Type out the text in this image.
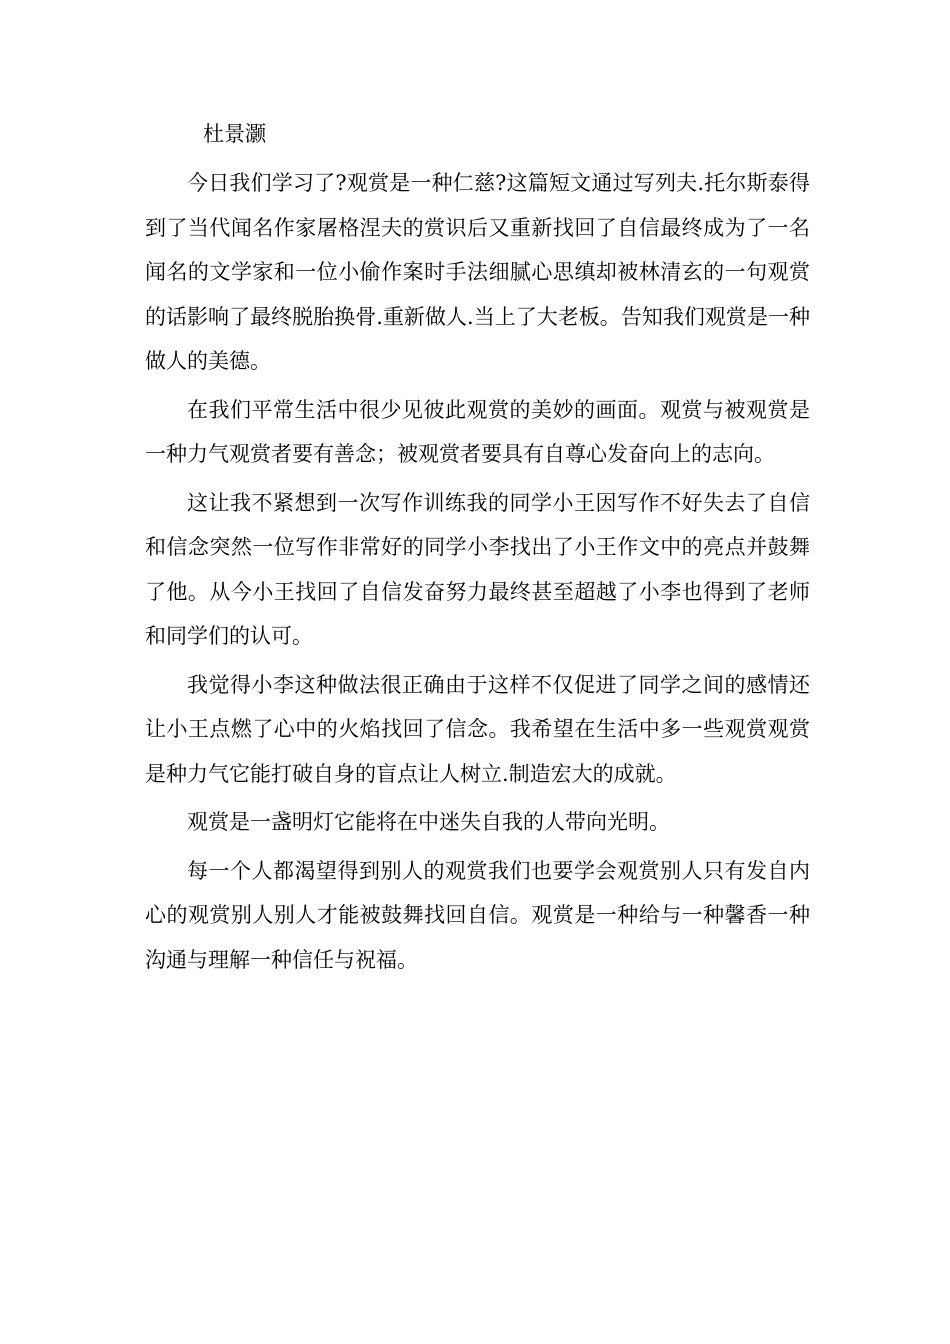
杜景灏

今日我们学习了?观赏是一种仁慈?这篇短文通过写列夫.托尔斯泰得到了当代闻名作家屠格涅夫的赏识后又重新找回了自信最终成为了一名闻名的文学家和一位小偷作案时手法细腻心思缜却被林清玄的一句观赏的话影响了最终脱胎换骨.重新做人.当上了大老板。告知我们观赏是一种做人的美德。

在我们平常生活中很少见彼此观赏的美妙的画面。观赏与被观赏是一种力气观赏者要有善念；被观赏者要具有自尊心发奋向上的志向。

这让我不紧想到一次写作训练我的同学小王因写作不好失去了自信和信念突然一位写作非常好的同学小李找出了小王作文中的亮点并鼓舞了他。从今小王找回了自信发奋努力最终甚至超越了小李也得到了老师和同学们的认可。

我觉得小李这种做法很正确由于这样不仅促进了同学之间的感情还让小王点燃了心中的火焰找回了信念。我希望在生活中多一些观赏观赏是种力气它能打破自身的盲点让人树立.制造宏大的成就。

观赏是一盏明灯它能将在中迷失自我的人带向光明。

每一个人都渴望得到别人的观赏我们也要学会观赏别人只有发自内心的观赏别人别人才能被鼓舞找回自信。观赏是一种给与一种馨香一种沟通与理解一种信任与祝福。
